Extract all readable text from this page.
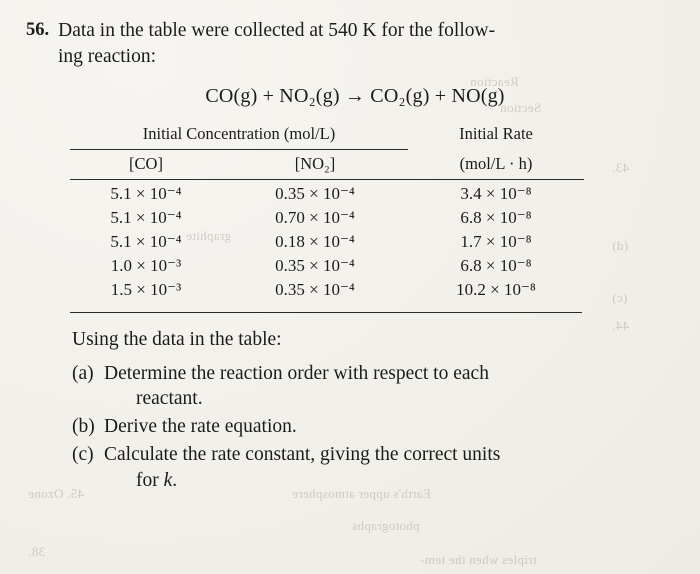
Reaction
Section
43.
(d)
(c)
44.
45. Ozone
38.
graphite
Earth's upper atmosphere
photographs
triples when the tem-
56. Data in the table were collected at 540 K for the follow-
ing reaction:
CO(g) + NO₂(g) → CO₂(g) + NO(g)
Initial Concentration (mol/L)		Initial Rate

[CO]	[NO₂]	(mol/L · h)

5.1 × 10⁻⁴	0.35 × 10⁻⁴	3.4 × 10⁻⁸
5.1 × 10⁻⁴	0.70 × 10⁻⁴	6.8 × 10⁻⁸
5.1 × 10⁻⁴	0.18 × 10⁻⁴	1.7 × 10⁻⁸
1.0 × 10⁻³	0.35 × 10⁻⁴	6.8 × 10⁻⁸
1.5 × 10⁻³	0.35 × 10⁻⁴	10.2 × 10⁻⁸
Using the data in the table:
(a) Determine the reaction order with respect to each
reactant.
(b) Derive the rate equation.
(c) Calculate the rate constant, giving the correct units
for k.
